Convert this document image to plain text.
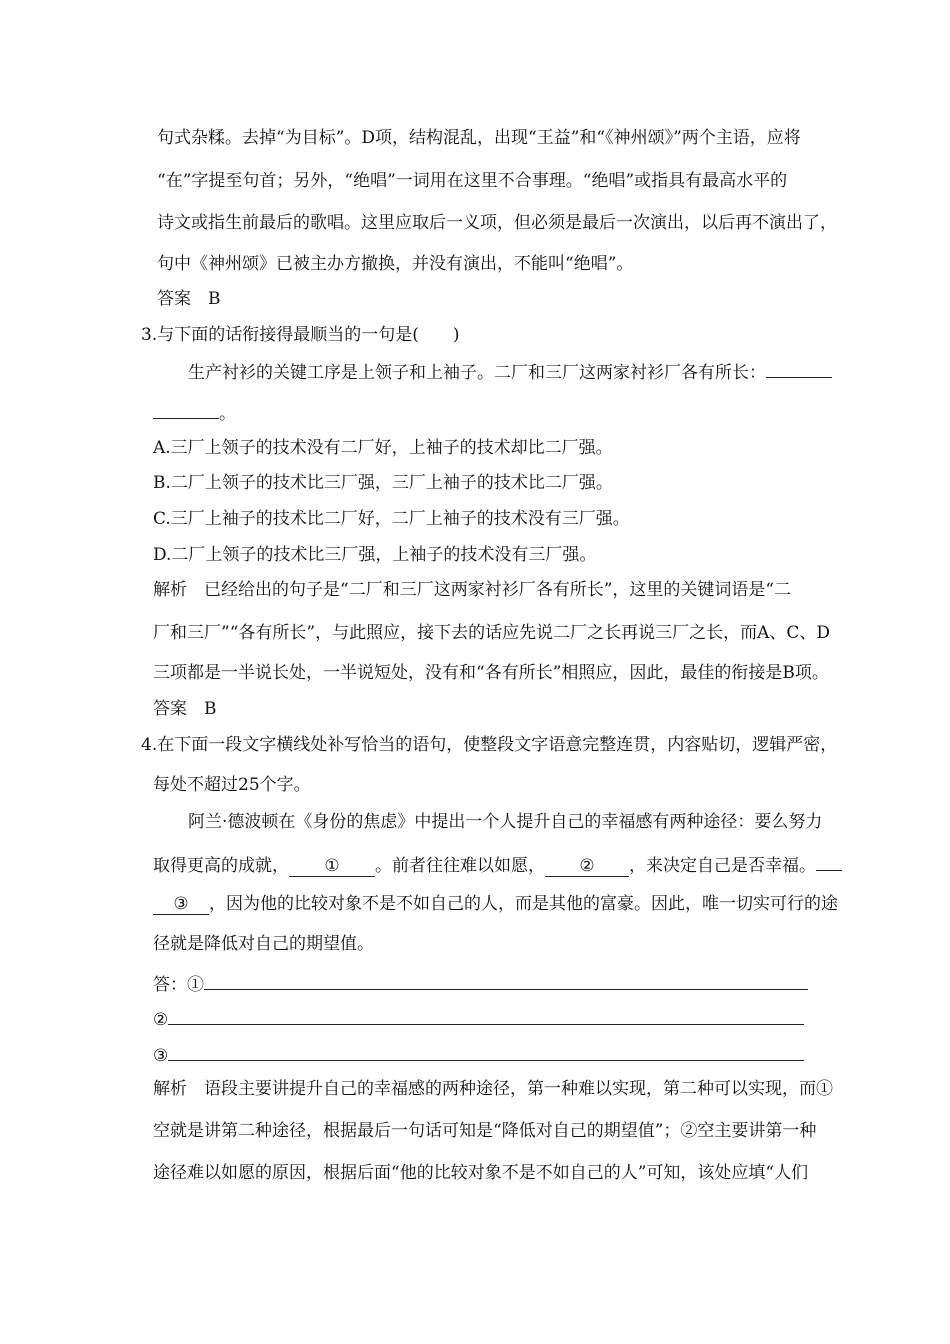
句式杂糅。去掉“为目标”。D项，结构混乱，出现“王益”和“《神州颂》”两个主语，应将
“在”字提至句首；另外，“绝唱”一词用在这里不合事理。“绝唱”或指具有最高水平的
诗文或指生前最后的歌唱。这里应取后一义项，但必须是最后一次演出，以后再不演出了，
句中《神州颂》已被主办方撤换，并没有演出，不能叫“绝唱”。
答案　B
3.与下面的话衔接得最顺当的一句是(　　)
生产衬衫的关键工序是上领子和上袖子。二厂和三厂这两家衬衫厂各有所长：
。
A.三厂上领子的技术没有二厂好，上袖子的技术却比二厂强。
B.二厂上领子的技术比三厂强，三厂上袖子的技术比二厂强。
C.三厂上袖子的技术比二厂好，二厂上袖子的技术没有三厂强。
D.二厂上领子的技术比三厂强，上袖子的技术没有三厂强。
解析　已经给出的句子是“二厂和三厂这两家衬衫厂各有所长”，这里的关键词语是“二
厂和三厂”“各有所长”，与此照应，接下去的话应先说二厂之长再说三厂之长，而A、C、D
三项都是一半说长处，一半说短处，没有和“各有所长”相照应，因此，最佳的衔接是B项。
答案　B
4.在下面一段文字横线处补写恰当的语句，使整段文字语意完整连贯，内容贴切，逻辑严密，
每处不超过25个字。
阿兰·德波顿在《身份的焦虑》中提出一个人提升自己的幸福感有两种途径：要么努力
取得更高的成就， ① 。前者往往难以如愿， ② ，来决定自己是否幸福。
③ ，因为他的比较对象不是不如自己的人，而是其他的富豪。因此，唯一切实可行的途
径就是降低对自己的期望值。
答：①
②
③
解析　语段主要讲提升自己的幸福感的两种途径，第一种难以实现，第二种可以实现，而①
空就是讲第二种途径，根据最后一句话可知是“降低对自己的期望值”；②空主要讲第一种
途径难以如愿的原因，根据后面“他的比较对象不是不如自己的人”可知，该处应填“人们
